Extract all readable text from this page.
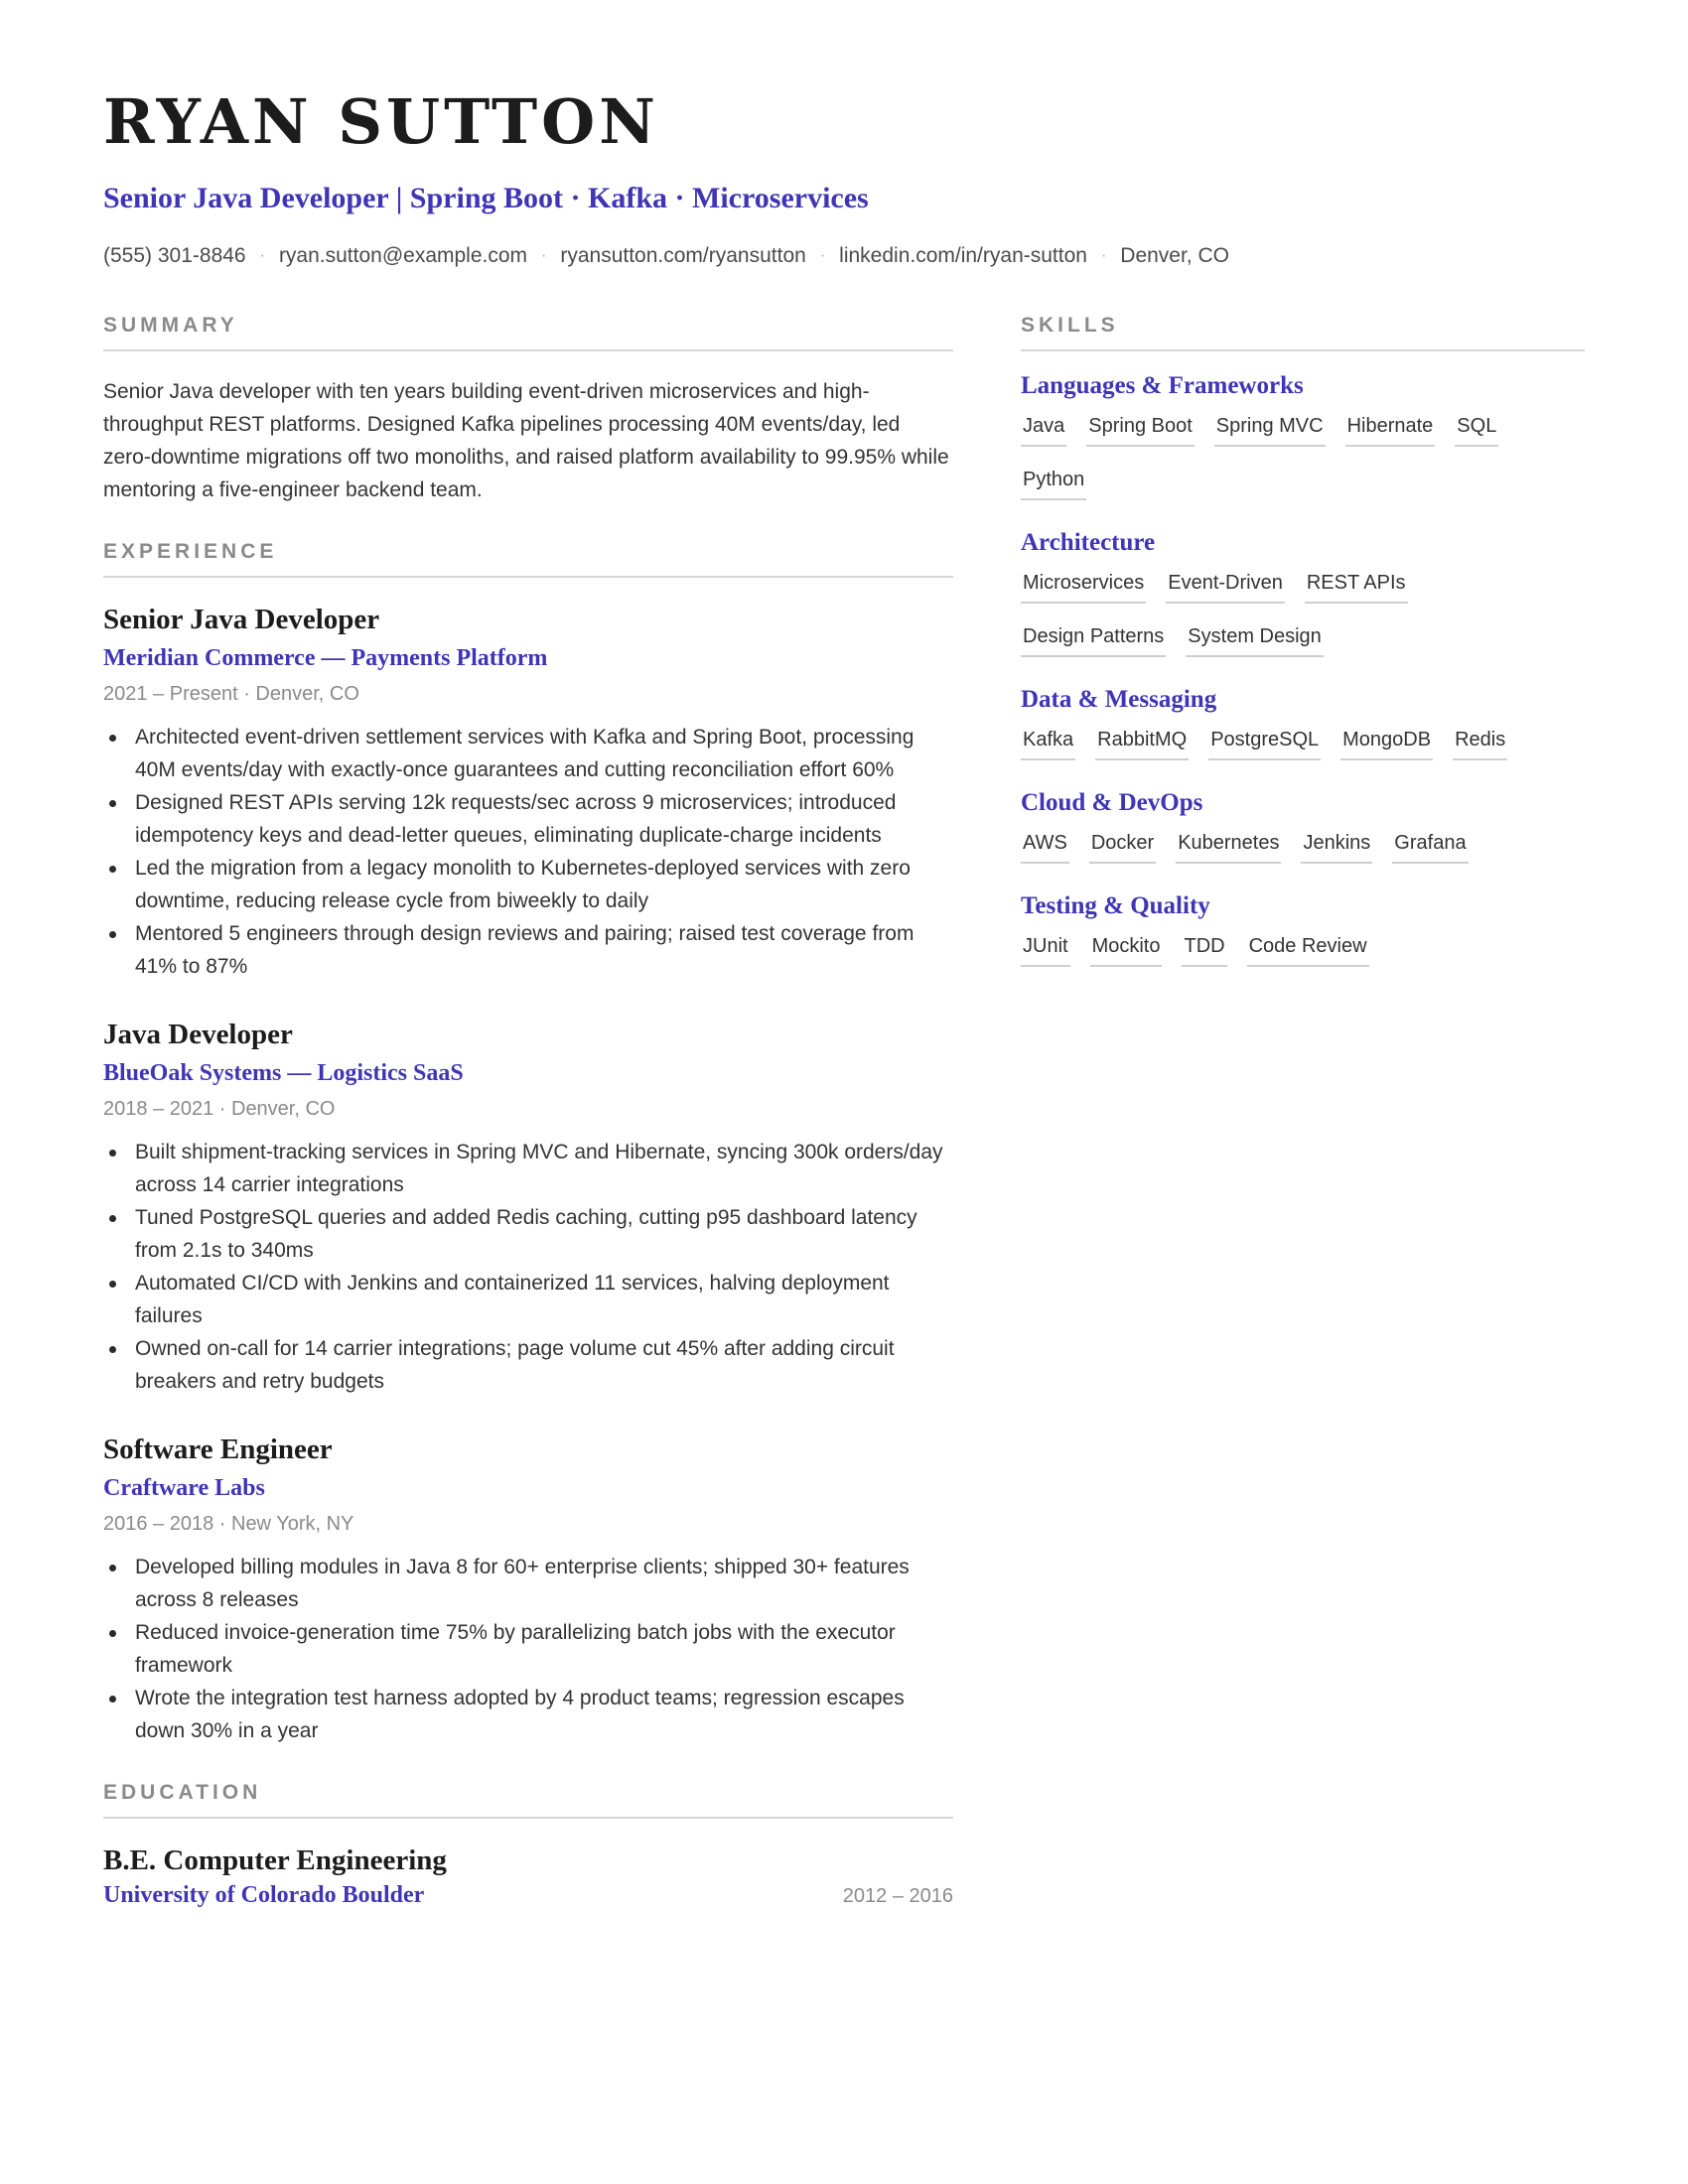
RYAN SUTTON
Senior Java Developer | Spring Boot · Kafka · Microservices
(555) 301-8846 · ryan.sutton@example.com · ryansutton.com/ryansutton · linkedin.com/in/ryan-sutton · Denver, CO
SUMMARY

Senior Java developer with ten years building event-driven microservices and high-throughput REST platforms. Designed Kafka pipelines processing 40M events/day, led zero-downtime migrations off two monoliths, and raised platform availability to 99.95% while mentoring a five-engineer backend team.

EXPERIENCE
Senior Java Developer
Meridian Commerce — Payments Platform
2021 – Present · Denver, CO
Architected event-driven settlement services with Kafka and Spring Boot, processing 40M events/day with exactly-once guarantees and cutting reconciliation effort 60%
Designed REST APIs serving 12k requests/sec across 9 microservices; introduced idempotency keys and dead-letter queues, eliminating duplicate-charge incidents
Led the migration from a legacy monolith to Kubernetes-deployed services with zero downtime, reducing release cycle from biweekly to daily
Mentored 5 engineers through design reviews and pairing; raised test coverage from 41% to 87%
Java Developer
BlueOak Systems — Logistics SaaS
2018 – 2021 · Denver, CO
Built shipment-tracking services in Spring MVC and Hibernate, syncing 300k orders/day across 14 carrier integrations
Tuned PostgreSQL queries and added Redis caching, cutting p95 dashboard latency from 2.1s to 340ms
Automated CI/CD with Jenkins and containerized 11 services, halving deployment failures
Owned on-call for 14 carrier integrations; page volume cut 45% after adding circuit breakers and retry budgets
Software Engineer
Craftware Labs
2016 – 2018 · New York, NY
Developed billing modules in Java 8 for 60+ enterprise clients; shipped 30+ features across 8 releases
Reduced invoice-generation time 75% by parallelizing batch jobs with the executor framework
Wrote the integration test harness adopted by 4 product teams; regression escapes down 30% in a year
EDUCATION
B.E. Computer Engineering
University of Colorado Boulder	2012 – 2016
SKILLS
Languages & Frameworks
Java Spring Boot Spring MVC Hibernate SQL
Python
Architecture
Microservices Event-Driven REST APIs
Design Patterns System Design
Data & Messaging
Kafka RabbitMQ PostgreSQL MongoDB Redis
Cloud & DevOps
AWS Docker Kubernetes Jenkins Grafana
Testing & Quality
JUnit Mockito TDD Code Review
